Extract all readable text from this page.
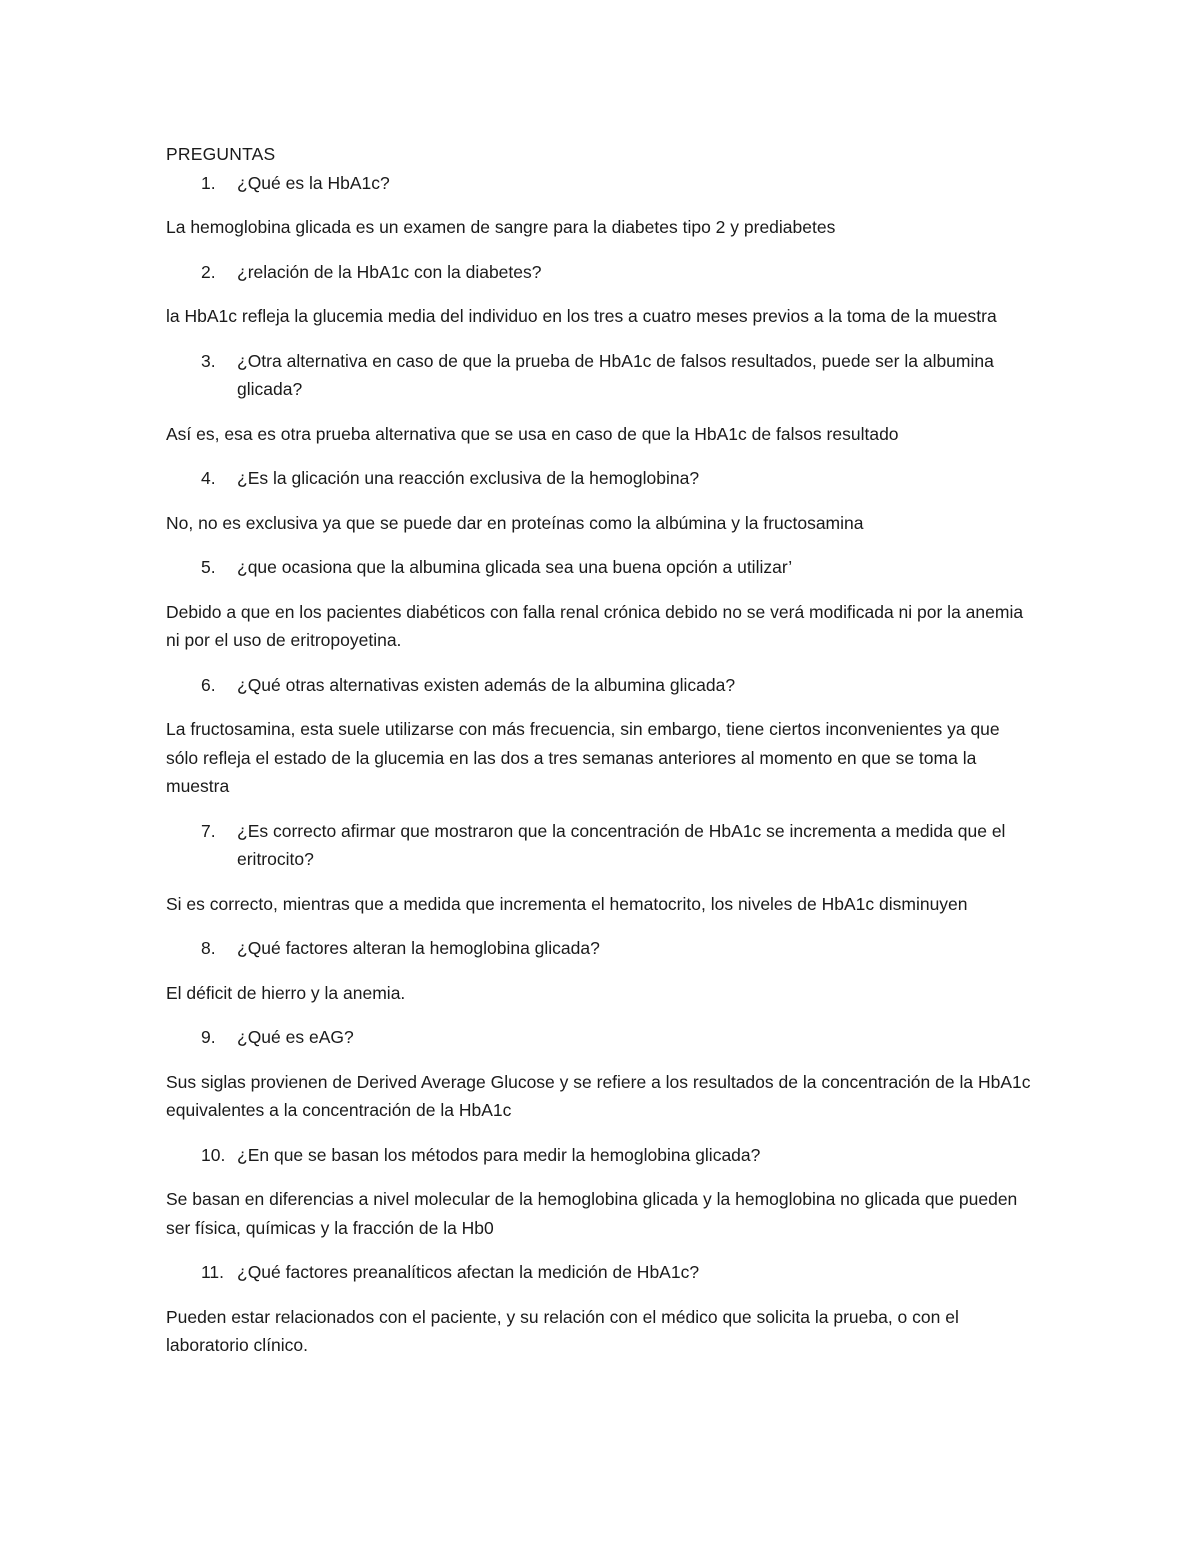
PREGUNTAS

1. ¿Qué es la HbA1c?

La hemoglobina glicada es un examen de sangre para la diabetes tipo 2 y prediabetes

2. ¿relación de la HbA1c con la diabetes?

la HbA1c refleja la glucemia media del individuo en los tres a cuatro meses previos a la toma de la muestra

3. ¿Otra alternativa en caso de que la prueba de HbA1c de falsos resultados, puede ser la albumina glicada?

Así es, esa es otra prueba alternativa que se usa en caso de que la HbA1c de falsos resultado

4. ¿Es la glicación una reacción exclusiva de la hemoglobina?

No, no es exclusiva ya que se puede dar en proteínas como la albúmina y la fructosamina

5. ¿que ocasiona que la albumina glicada sea una buena opción a utilizar’

Debido a que en los pacientes diabéticos con falla renal crónica debido no se verá modificada ni por la anemia ni por el uso de eritropoyetina.

6. ¿Qué otras alternativas existen además de la albumina glicada?

La fructosamina, esta suele utilizarse con más frecuencia, sin embargo, tiene ciertos inconvenientes ya que sólo refleja el estado de la glucemia en las dos a tres semanas anteriores al momento en que se toma la muestra

7. ¿Es correcto afirmar que mostraron que la concentración de HbA1c se incrementa a medida que el eritrocito?

Si es correcto, mientras que a medida que incrementa el hematocrito, los niveles de HbA1c disminuyen

8. ¿Qué factores alteran la hemoglobina glicada?

El déficit de hierro y la anemia.

9. ¿Qué es eAG?

Sus siglas provienen de Derived Average Glucose y se refiere a los resultados de la concentración de la HbA1c equivalentes a la concentración de la HbA1c

10. ¿En que se basan los métodos para medir la hemoglobina glicada?

Se basan en diferencias a nivel molecular de la hemoglobina glicada y la hemoglobina no glicada que pueden ser física, químicas y la fracción de la Hb0

11. ¿Qué factores preanalíticos afectan la medición de HbA1c?

Pueden estar relacionados con el paciente, y su relación con el médico que solicita la prueba, o con el laboratorio clínico.
